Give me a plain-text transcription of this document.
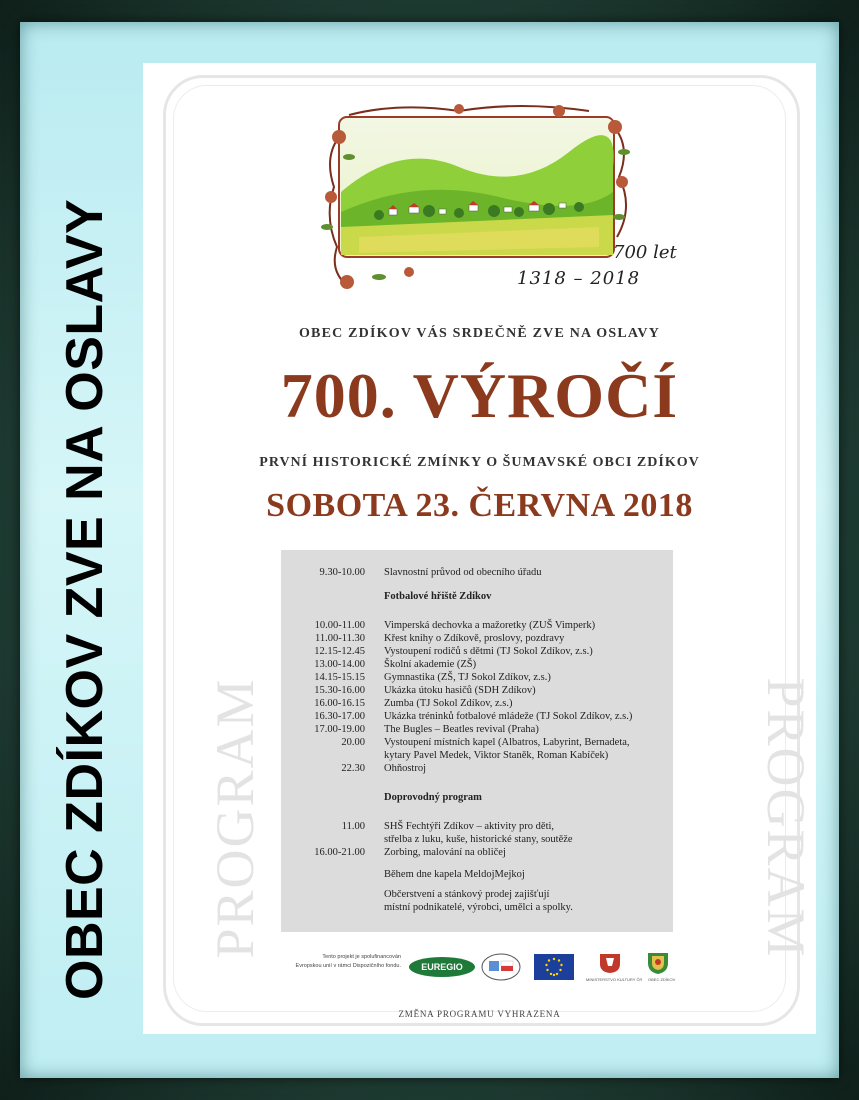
OBEC ZDÍKOV ZVE NA OSLAVY	700 let
1318 – 2018
OBEC ZDÍKOV VÁS SRDEČNĚ ZVE NA OSLAVY
700. VÝROČÍ
PRVNÍ HISTORICKÉ ZMÍNKY O ŠUMAVSKÉ OBCI ZDÍKOV
SOBOTA 23. ČERVNA 2018
PROGRAM	PROGRAM
9.30-10.00 Slavnostní průvod od obecního úřadu
Fotbalové hřiště Zdíkov
10.00-11.00 Vimperská dechovka a mažoretky (ZUŠ Vimperk)
11.00-11.30 Křest knihy o Zdíkově, proslovy, pozdravy
12.15-12.45 Vystoupení rodičů s dětmi (TJ Sokol Zdíkov, z.s.)
13.00-14.00 Školní akademie (ZŠ)
14.15-15.15 Gymnastika (ZŠ, TJ Sokol Zdíkov, z.s.)
15.30-16.00 Ukázka útoku hasičů (SDH Zdíkov)
16.00-16.15 Zumba (TJ Sokol Zdíkov, z.s.)
16.30-17.00 Ukázka tréninků fotbalové mládeže (TJ Sokol Zdíkov, z.s.)
17.00-19.00 The Bugles – Beatles revival (Praha)
20.00 Vystoupení místních kapel (Albatros, Labyrint, Bernadeta,
kytary Pavel Medek, Viktor Staněk, Roman Kabíček)
22.30 Ohňostroj
Doprovodný program
11.00 SHŠ Fechtýři Zdíkov – aktivity pro děti,
střelba z luku, kuše, historické stany, soutěže
16.00-21.00 Zorbing, malování na obličej
Během dne kapela MeldojMejkoj
Občerstvení a stánkový prodej zajišťují
místní podnikatelé, výrobci, umělci a spolky.
Tento projekt je spolufinancován
Evropskou unií v rámci Dispozičního fondu. EUREGIO
MINISTERSTVO KULTURY ČR OBEC ZDÍKOV
ZMĚNA PROGRAMU VYHRAZENA
